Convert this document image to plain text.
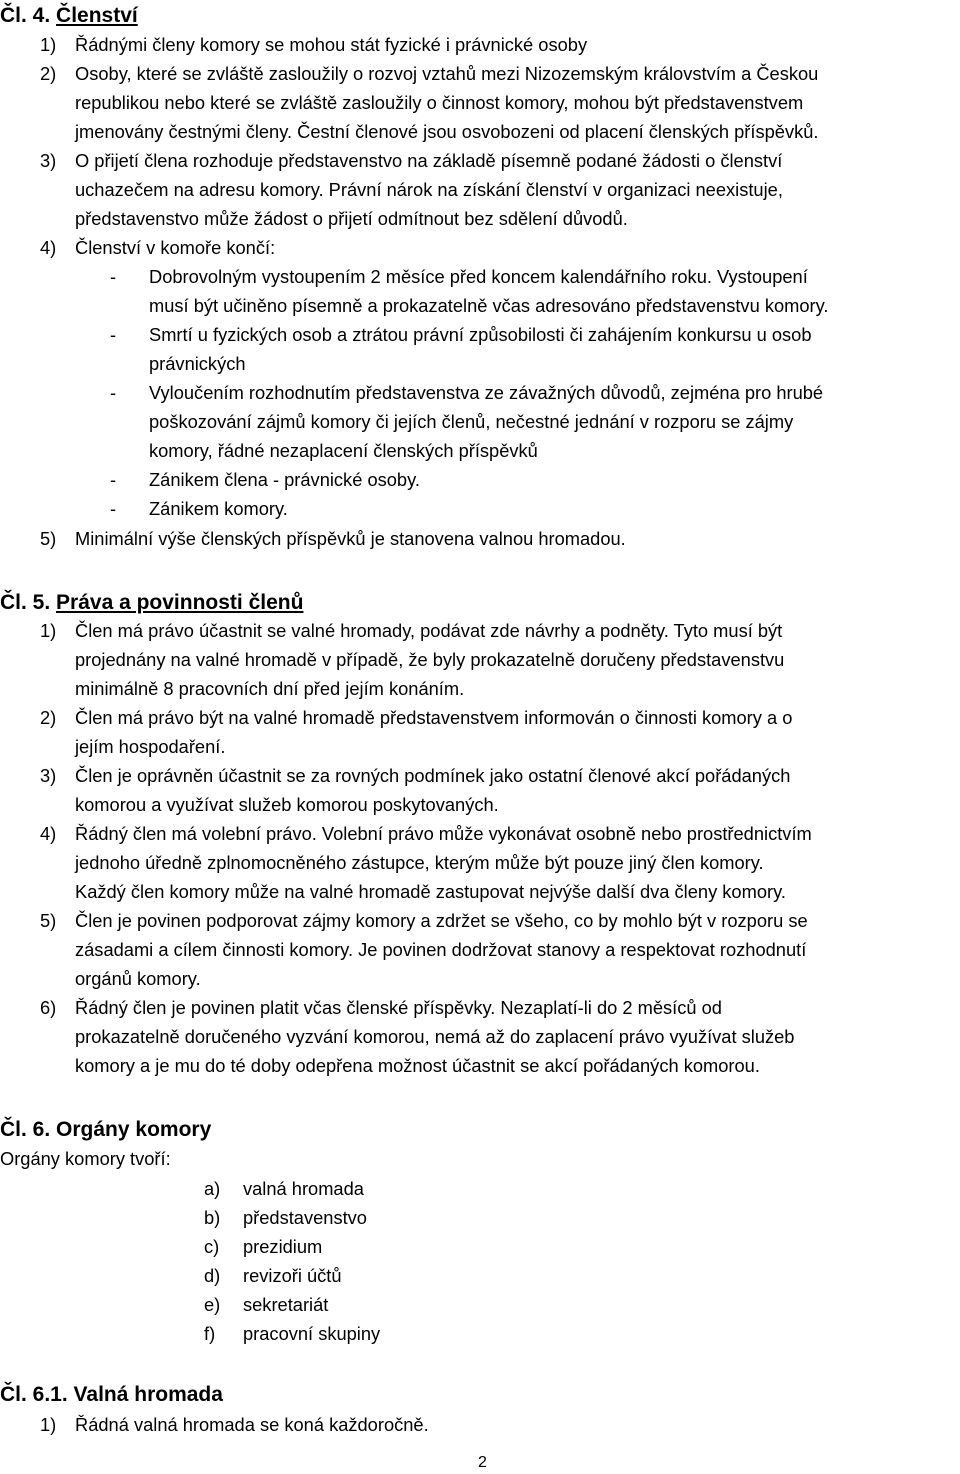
Čl. 4. Členství
1) Řádnými členy komory se mohou stát fyzické i právnické osoby
2) Osoby, které se zvláště zasloužily o rozvoj vztahů mezi Nizozemským královstvím a Českou
republikou nebo které se zvláště zasloužily o činnost komory, mohou být představenstvem
jmenovány čestnými členy. Čestní členové jsou osvobozeni od placení členských příspěvků.
3) O přijetí člena rozhoduje představenstvo na základě písemně podané žádosti o členství
uchazečem na adresu komory. Právní nárok na získání členství v organizaci neexistuje,
představenstvo může žádost o přijetí odmítnout bez sdělení důvodů.
4) Členství v komoře končí:
- Dobrovolným vystoupením 2 měsíce před koncem kalendářního roku. Vystoupení
musí být učiněno písemně a prokazatelně včas adresováno představenstvu komory.
- Smrtí u fyzických osob a ztrátou právní způsobilosti či zahájením konkursu u osob
právnických
- Vyloučením rozhodnutím představenstva ze závažných důvodů, zejména pro hrubé
poškozování zájmů komory či jejích členů, nečestné jednání v rozporu se zájmy
komory, řádné nezaplacení členských příspěvků
- Zánikem člena - právnické osoby.
- Zánikem komory.
5) Minimální výše členských příspěvků je stanovena valnou hromadou.
Čl. 5. Práva a povinnosti členů
1) Člen má právo účastnit se valné hromady, podávat zde návrhy a podněty. Tyto musí být
projednány na valné hromadě v případě, že byly prokazatelně doručeny představenstvu
minimálně 8 pracovních dní před jejím konáním.
2) Člen má právo být na valné hromadě představenstvem informován o činnosti komory a o
jejím hospodaření.
3) Člen je oprávněn účastnit se za rovných podmínek jako ostatní členové akcí pořádaných
komorou a využívat služeb komorou poskytovaných.
4) Řádný člen má volební právo. Volební právo může vykonávat osobně nebo prostřednictvím
jednoho úředně zplnomocněného zástupce, kterým může být pouze jiný člen komory.
Každý člen komory může na valné hromadě zastupovat nejvýše další dva členy komory.
5) Člen je povinen podporovat zájmy komory a zdržet se všeho, co by mohlo být v rozporu se
zásadami a cílem činnosti komory. Je povinen dodržovat stanovy a respektovat rozhodnutí
orgánů komory.
6) Řádný člen je povinen platit včas členské příspěvky. Nezaplatí-li do 2 měsíců od
prokazatelně doručeného vyzvání komorou, nemá až do zaplacení právo využívat služeb
komory a je mu do té doby odepřena možnost účastnit se akcí pořádaných komorou.
Čl. 6. Orgány komory
Orgány komory tvoří:
a) valná hromada
b) představenstvo
c) prezidium
d) revizoři účtů
e) sekretariát
f) pracovní skupiny
Čl. 6.1. Valná hromada
1) Řádná valná hromada se koná každoročně.
2
